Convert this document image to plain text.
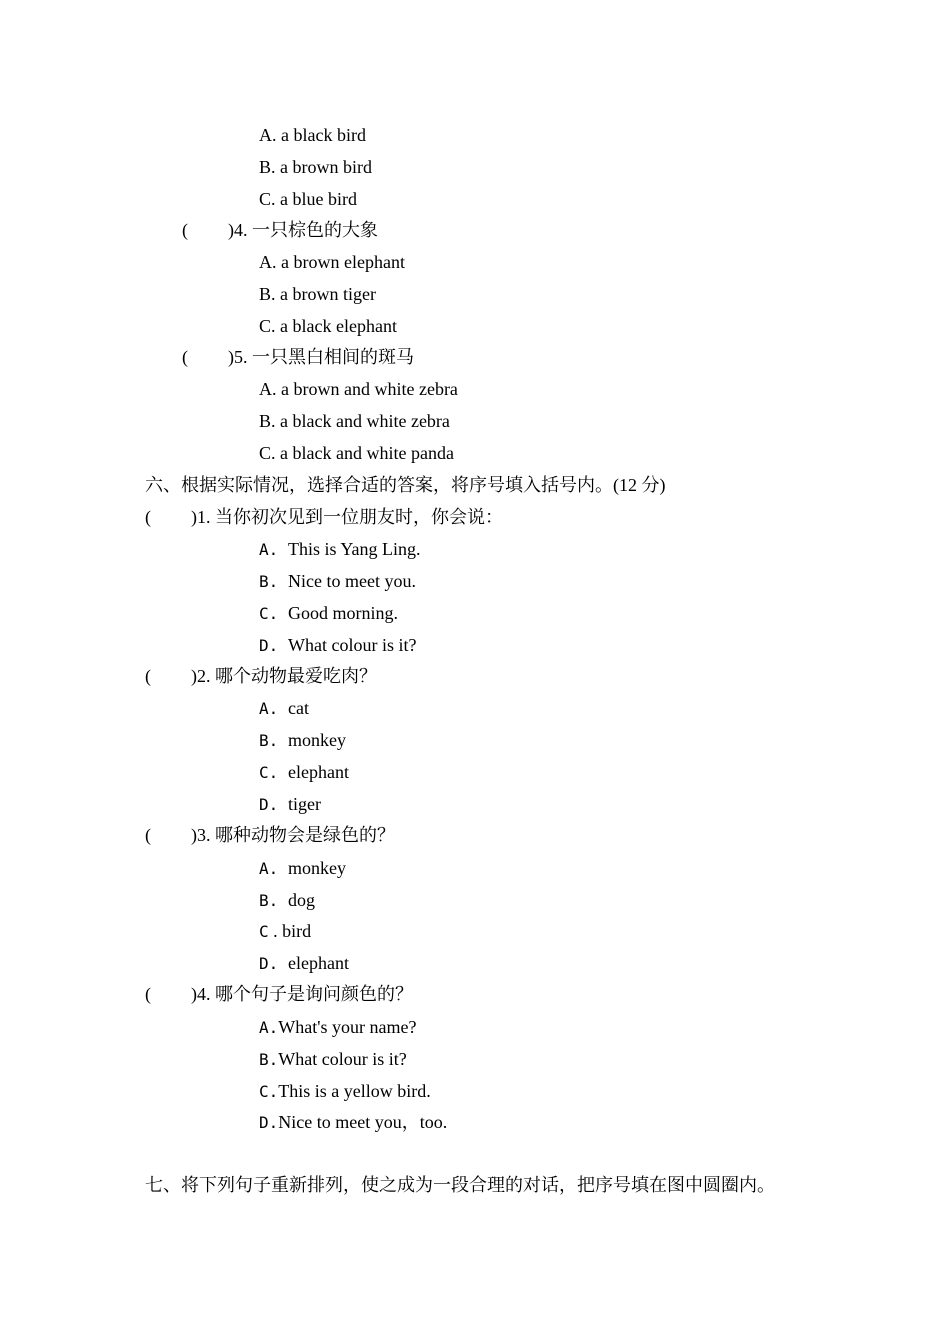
A. a black bird
B. a brown bird
C. a blue bird
( )4. 一只棕色的大象
A. a brown elephant
B. a brown tiger
C. a black elephant
( )5. 一只黑白相间的斑马
A. a brown and white zebra
B. a black and white zebra
C. a black and white panda
六、根据实际情况，选择合适的答案，将序号填入括号内。(12 分)
( )1. 当你初次见到一位朋友时，你会说：
A. This is Yang Ling.
B. Nice to meet you.
C. Good morning.
D. What colour is it?
( )2. 哪个动物最爱吃肉？
A. cat
B. monkey
C. elephant
D. tiger
( )3. 哪种动物会是绿色的？
A. monkey
B. dog
C . bird
D. elephant
( )4. 哪个句子是询问颜色的？
A.What's your name?
B.What colour is it?
C.This is a yellow bird.
D.Nice to meet you，too.
七、将下列句子重新排列，使之成为一段合理的对话，把序号填在图中圆圈内。
